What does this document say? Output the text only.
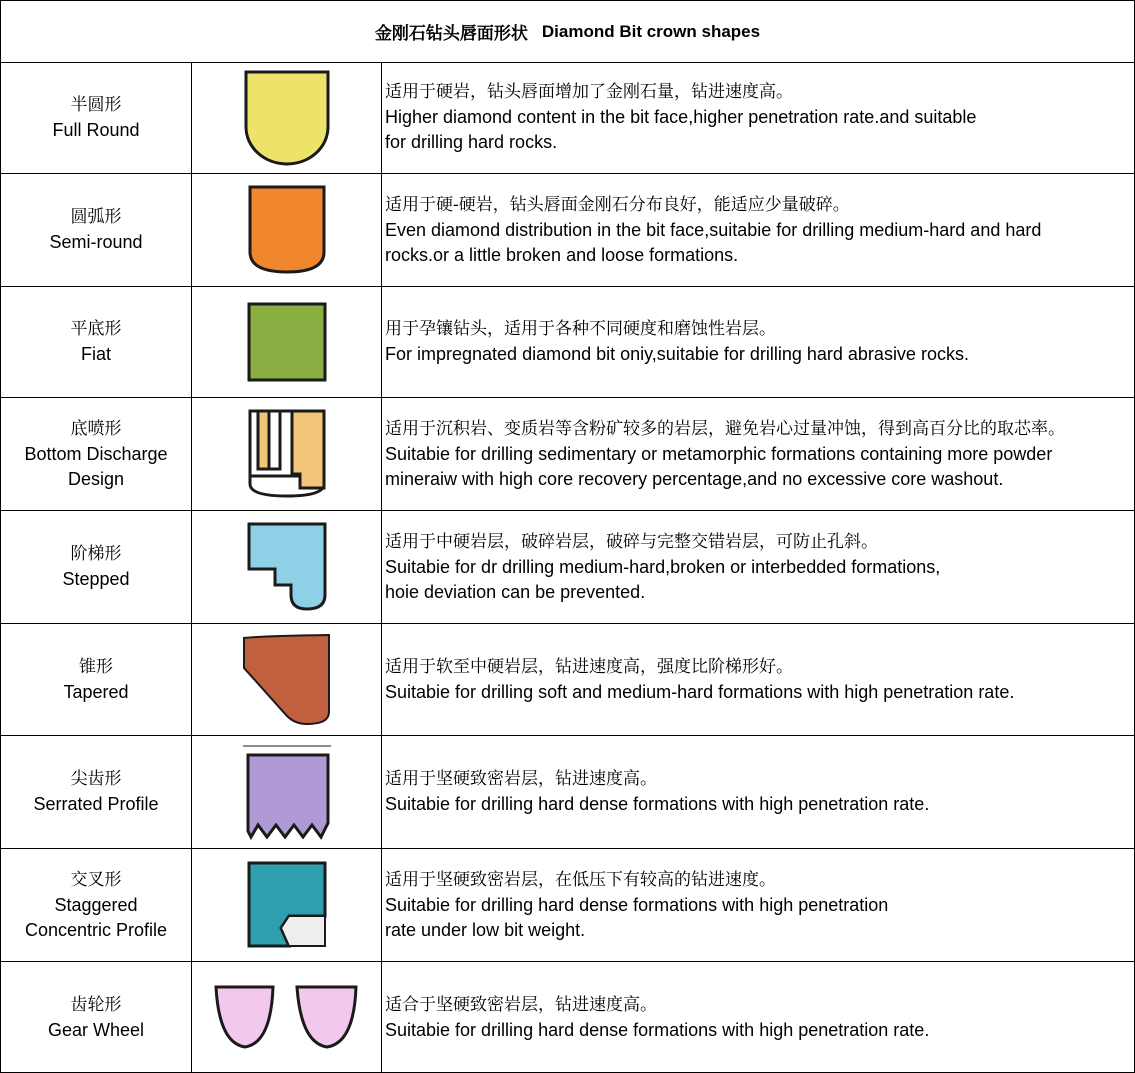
金刚石钻头唇面形状 Diamond Bit crown shapes
半圆形
Full Round
适用于硬岩，钻头唇面增加了金刚石量，钻进速度高。
Higher diamond content in the bit face,higher penetration rate.and suitable
for drilling hard rocks.
圆弧形
Semi-round
适用于硬-硬岩，钻头唇面金刚石分布良好，能适应少量破碎。
Even diamond distribution in the bit face,suitabie for drilling medium-hard and hard
rocks.or a little broken and loose formations.
平底形
Fiat
用于孕镶钻头，适用于各种不同硬度和磨蚀性岩层。
For impregnated diamond bit oniy,suitabie for drilling hard abrasive rocks.
底喷形
Bottom Discharge
Design
适用于沉积岩、变质岩等含粉矿较多的岩层，避免岩心过量冲蚀，得到高百分比的取芯率。
Suitabie for drilling sedimentary or metamorphic formations containing more powder
mineraiw with high core recovery percentage,and no excessive core washout.
阶梯形
Stepped
适用于中硬岩层，破碎岩层，破碎与完整交错岩层，可防止孔斜。
Suitabie for dr drilling medium-hard,broken or interbedded formations,
hoie deviation can be prevented.
锥形
Tapered
适用于软至中硬岩层，钻进速度高，强度比阶梯形好。
Suitabie for drilling soft and medium-hard formations with high penetration rate.
尖齿形
Serrated Profile
适用于坚硬致密岩层，钻进速度高。
Suitabie for drilling hard dense formations with high penetration rate.
交叉形
Staggered
Concentric Profile
适用于坚硬致密岩层，在低压下有较高的钻进速度。
Suitabie for drilling hard dense formations with high penetration
rate under low bit weight.
齿轮形
Gear Wheel
适合于坚硬致密岩层，钻进速度高。
Suitabie for drilling hard dense formations with high penetration rate.
